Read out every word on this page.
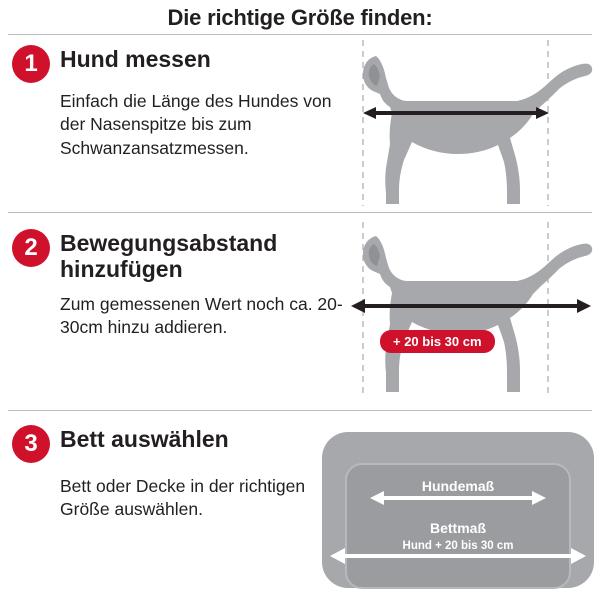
Die richtige Größe finden:
1 Hund messen
Einfach die Länge des Hundes von der Nasenspitze bis zum Schwanzansatzmessen.
2 Bewegungsabstand hinzufügen
Zum gemessenen Wert noch ca. 20-30cm hinzu addieren.
+ 20 bis 30 cm
3 Bett auswählen
Bett oder Decke in der richtigen Größe auswählen.
Hundemaß
Bettmaß
Hund + 20 bis 30 cm
